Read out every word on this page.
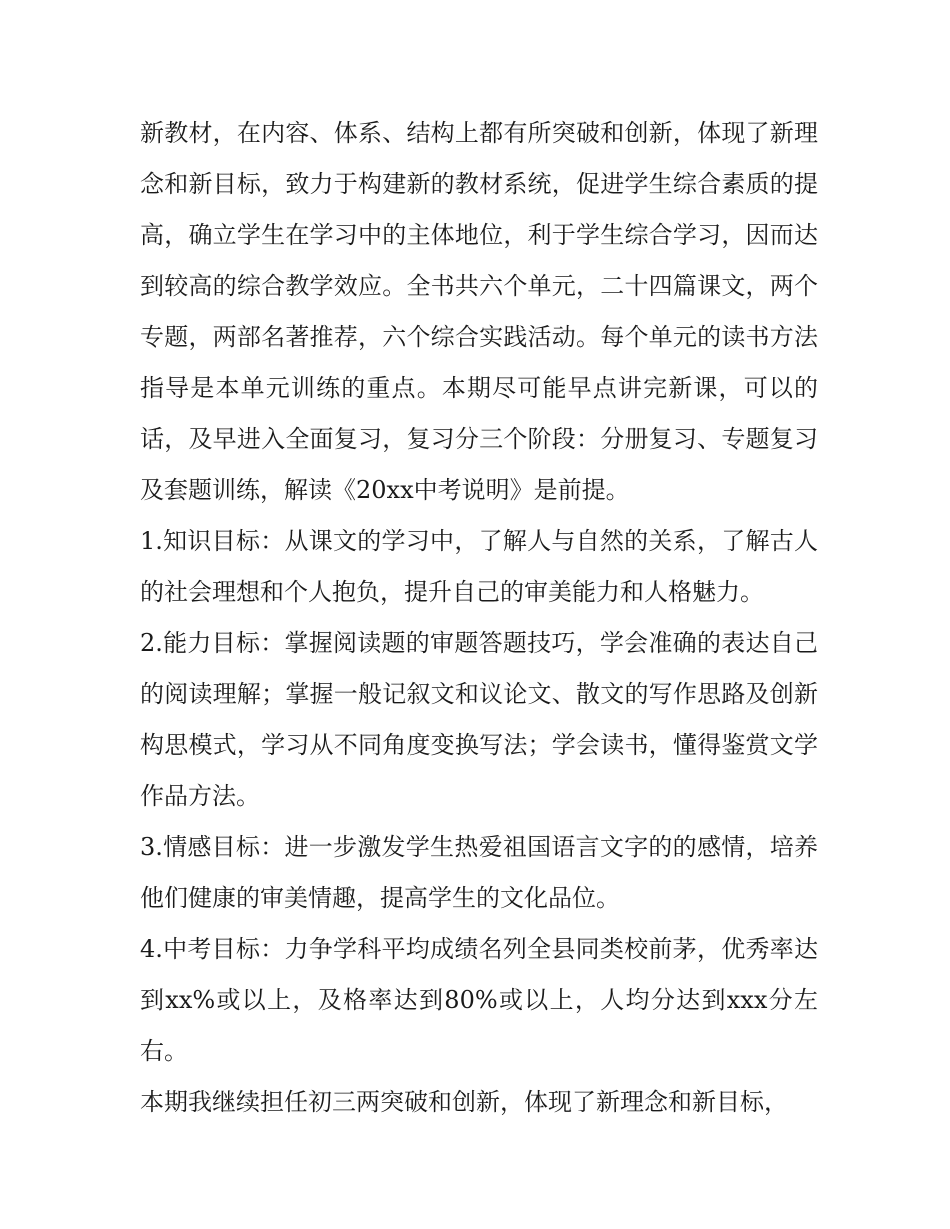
新教材，在内容、体系、结构上都有所突破和创新，体现了新理念和新目标，致力于构建新的教材系统，促进学生综合素质的提高，确立学生在学习中的主体地位，利于学生综合学习，因而达到较高的综合教学效应。全书共六个单元，二十四篇课文，两个专题，两部名著推荐，六个综合实践活动。每个单元的读书方法指导是本单元训练的重点。本期尽可能早点讲完新课，可以的话，及早进入全面复习，复习分三个阶段：分册复习、专题复习及套题训练，解读《20xx中考说明》是前提。

1.知识目标：从课文的学习中，了解人与自然的关系，了解古人的社会理想和个人抱负，提升自己的审美能力和人格魅力。

2.能力目标：掌握阅读题的审题答题技巧，学会准确的表达自己的阅读理解；掌握一般记叙文和议论文、散文的写作思路及创新构思模式，学习从不同角度变换写法；学会读书，懂得鉴赏文学作品方法。

3.情感目标：进一步激发学生热爱祖国语言文字的的感情，培养他们健康的审美情趣，提高学生的文化品位。

4.中考目标：力争学科平均成绩名列全县同类校前茅，优秀率达到xx%或以上，及格率达到80%或以上，人均分达到xxx分左右。

本期我继续担任初三两突破和创新，体现了新理念和新目标，
